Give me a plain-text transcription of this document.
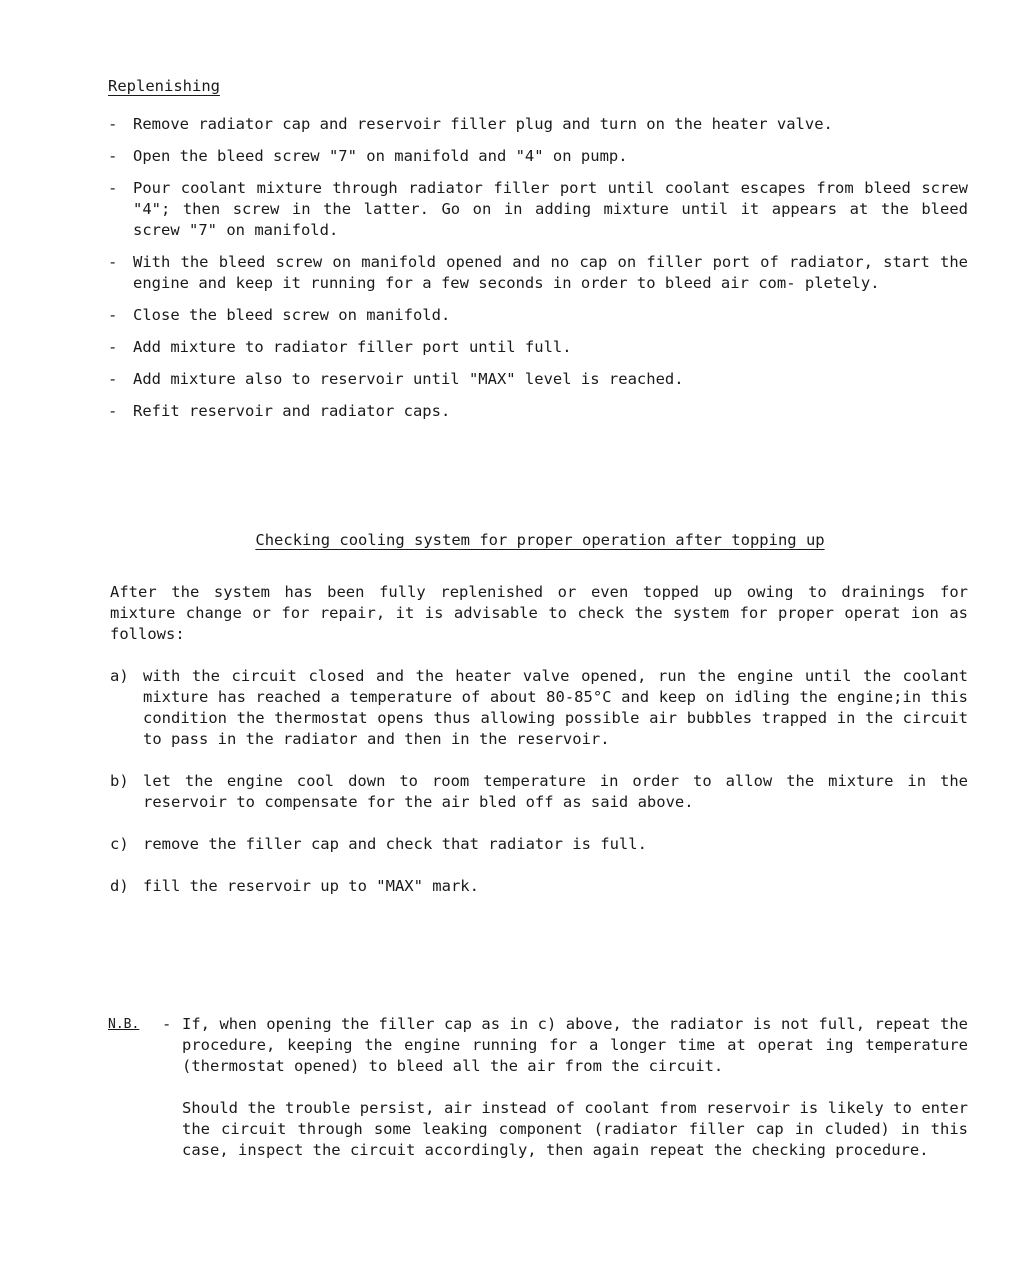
Replenishing
- Remove radiator cap and reservoir filler plug and turn on the heater valve.
- Open the bleed screw "7" on manifold and "4" on pump.
- Pour coolant mixture through radiator filler port until coolant escapes from bleed screw "4"; then screw in the latter. Go on in adding mixture until it appears at the bleed screw "7" on manifold.
- With the bleed screw on manifold opened and no cap on filler port of radiator, start the engine and keep it running for a few seconds in order to bleed air com- pletely.
- Close the bleed screw on manifold.
- Add mixture to radiator filler port until full.
- Add mixture also to reservoir until "MAX" level is reached.
- Refit reservoir and radiator caps.
Checking cooling system for proper operation after topping up

After the system has been fully replenished or even topped up owing to drainings for mixture change or for repair, it is advisable to check the system for proper operat ion as follows:

a) with the circuit closed and the heater valve opened, run the engine until the coolant mixture has reached a temperature of about 80-85°C and keep on idling the engine;in this condition the thermostat opens thus allowing possible air bubbles trapped in the circuit to pass in the radiator and then in the reservoir.
b) let the engine cool down to room temperature in order to allow the mixture in the reservoir to compensate for the air bled off as said above.
c) remove the filler cap and check that radiator is full.
d) fill the reservoir up to "MAX" mark.
N.B. - If, when opening the filler cap as in c) above, the radiator is not full, repeat the procedure, keeping the engine running for a longer time at operat ing temperature (thermostat opened) to bleed all the air from the circuit.

Should the trouble persist, air instead of coolant from reservoir is likely to enter the circuit through some leaking component (radiator filler cap in cluded) in this case, inspect the circuit accordingly, then again repeat the checking procedure.
